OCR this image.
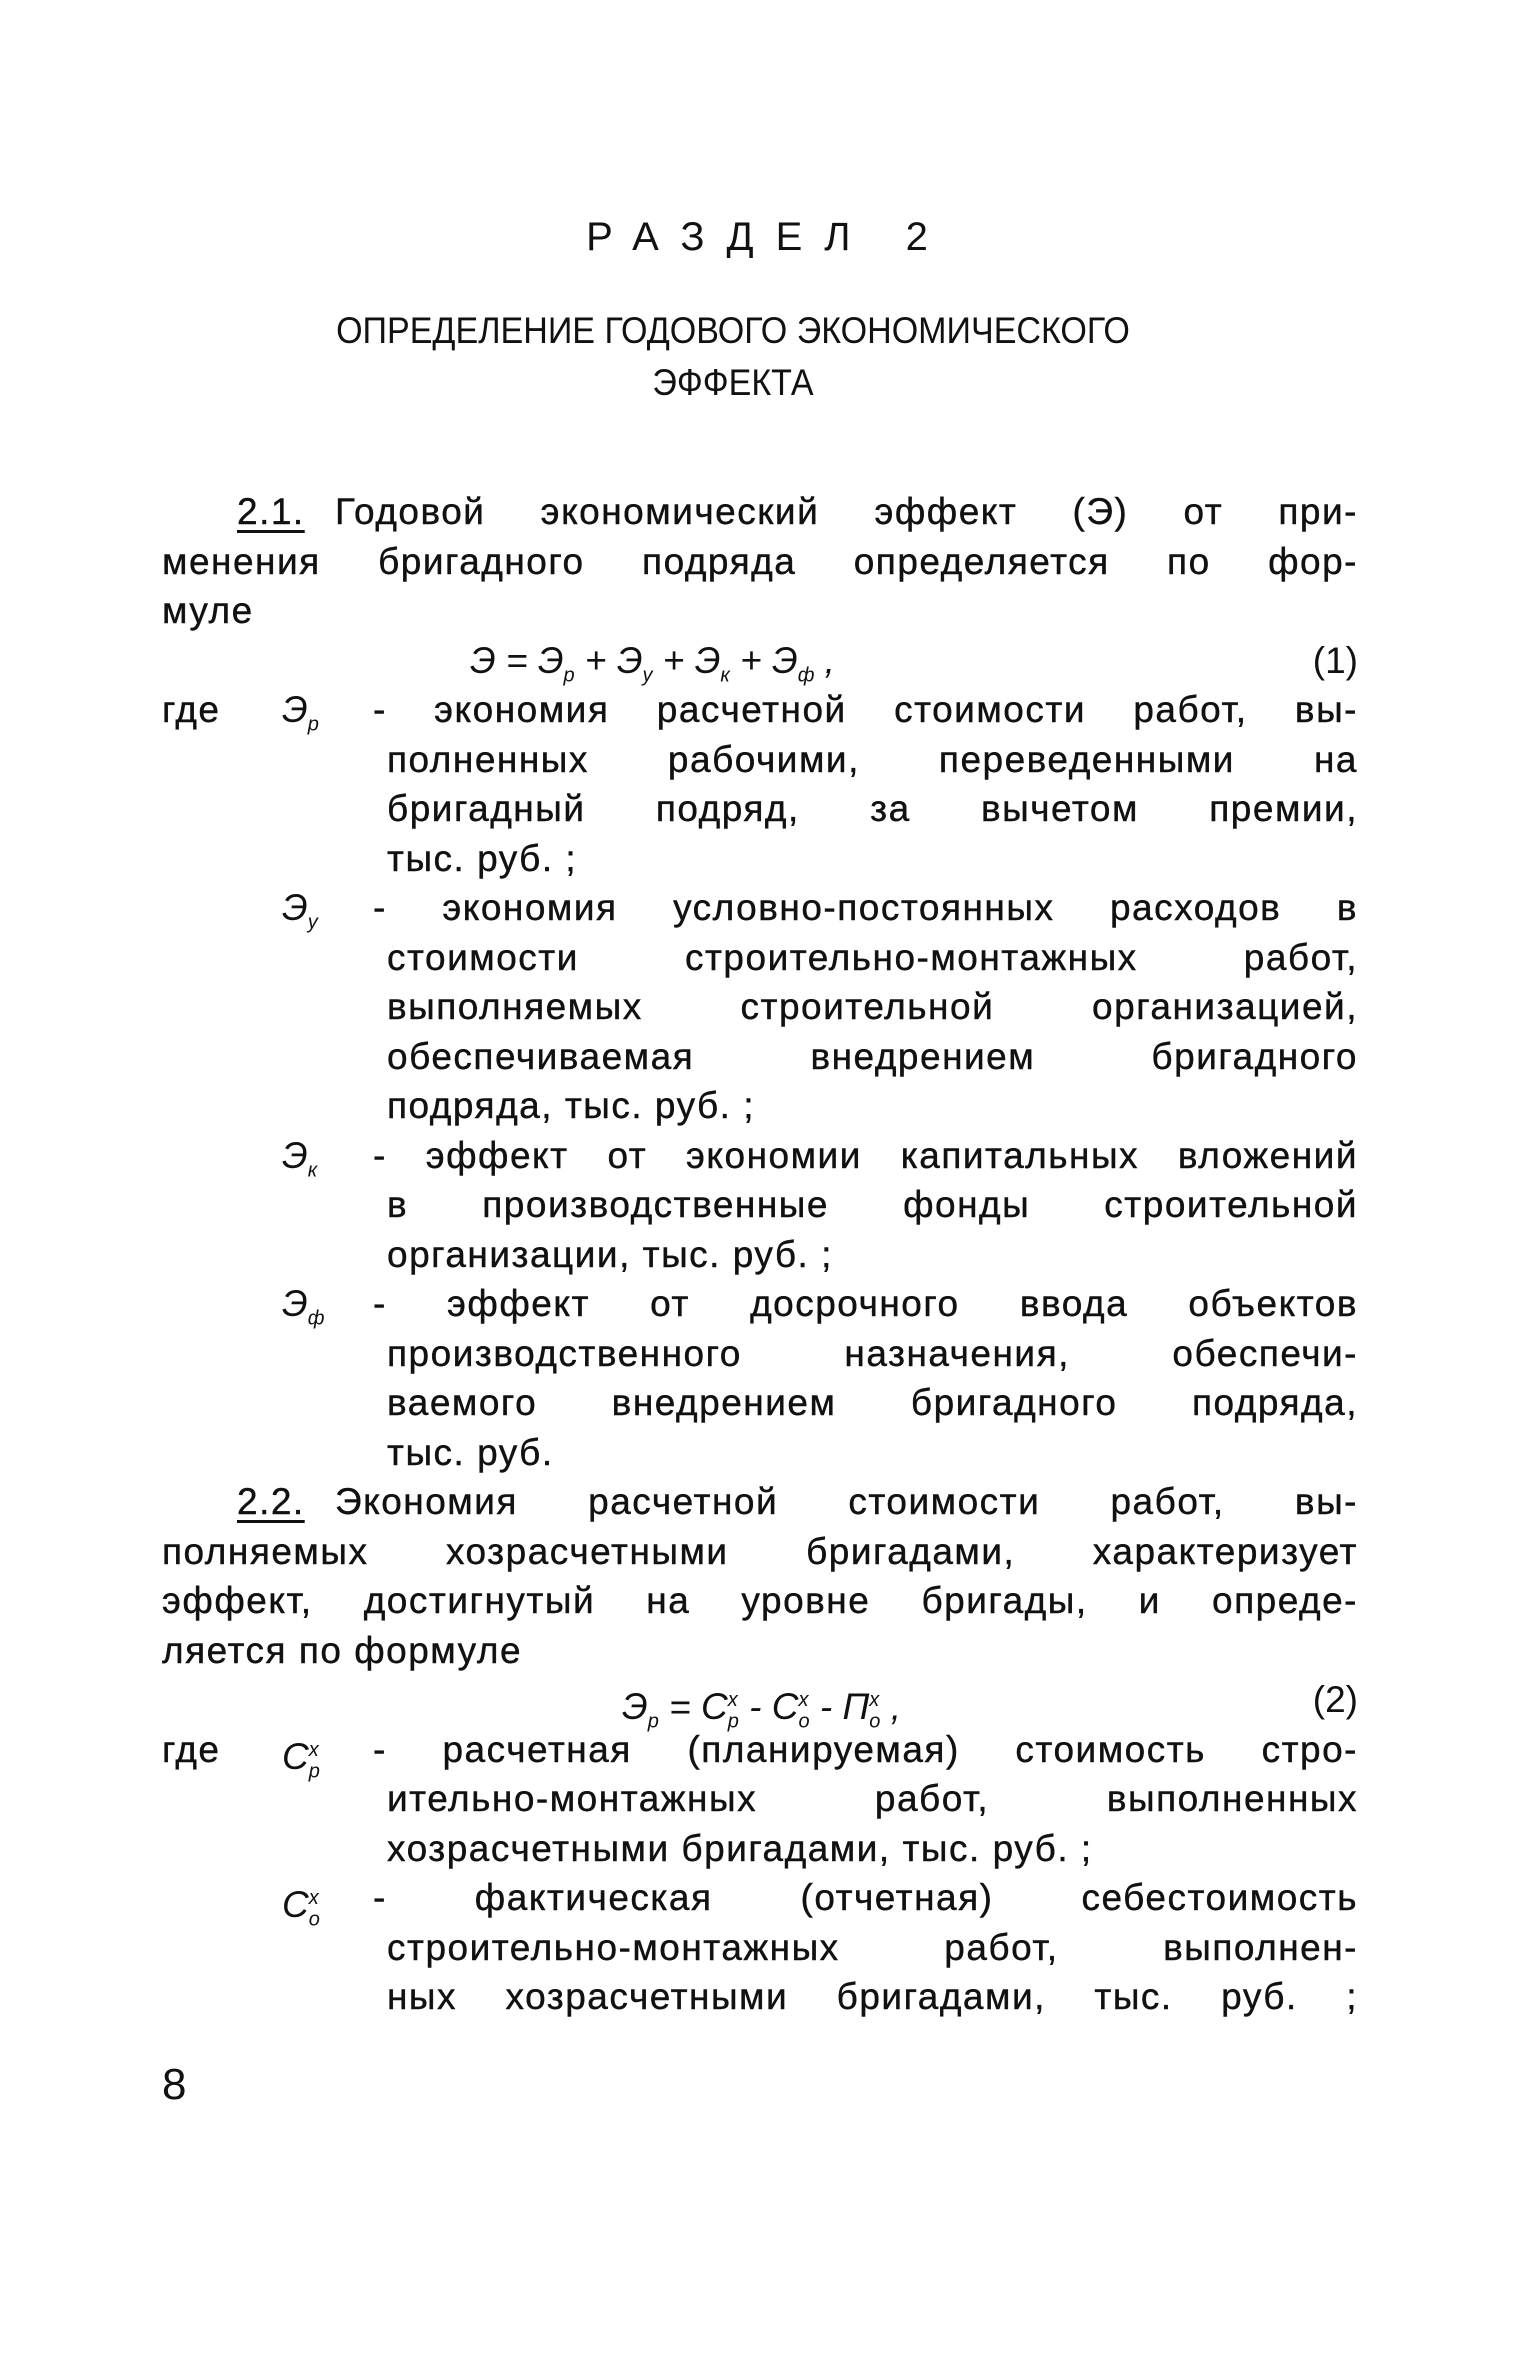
РАЗДЕЛ 2
ОПРЕДЕЛЕНИЕ ГОДОВОГО ЭКОНОМИЧЕСКОГО
ЭФФЕКТА
2.1. Годовой экономический эффект (Э) от при-
менения бригадного подряда определяется по фор-
муле
$Э = Э_р + Э_у + Э_к + Э_ф$ ,	(1)
где $Э_р$ - экономия расчетной стоимости работ, вы-
полненных рабочими, переведенными на
бригадный подряд, за вычетом премии,
тыс. руб. ;
$Э_у$ - экономия условно-постоянных расходов в
стоимости строительно-монтажных работ,
выполняемых строительной организацией,
обеспечиваемая внедрением бригадного
подряда, тыс. руб. ;
$Э_к$ - эффект от экономии капитальных вложений
в производственные фонды строительной
организации, тыс. руб. ;
$Э_ф$ - эффект от досрочного ввода объектов
производственного назначения, обеспечи-
ваемого внедрением бригадного подряда,
тыс. руб.
2.2. Экономия расчетной стоимости работ, вы-
полняемых хозрасчетными бригадами, характеризует
эффект, достигнутый на уровне бригады, и опреде-
ляется по формуле
$Э_р = С^х_р - С^х_о - П^х_о$ ,	(2)
где $С^х_р$
- расчетная (планируемая) стоимость стро-
ительно-монтажных работ, выполненных
хозрасчетными бригадами, тыс. руб. ;
$С^х_о$
- фактическая (отчетная) себестоимость
строительно-монтажных работ, выполнен-
ных хозрасчетными бригадами, тыс. руб. ;
8
